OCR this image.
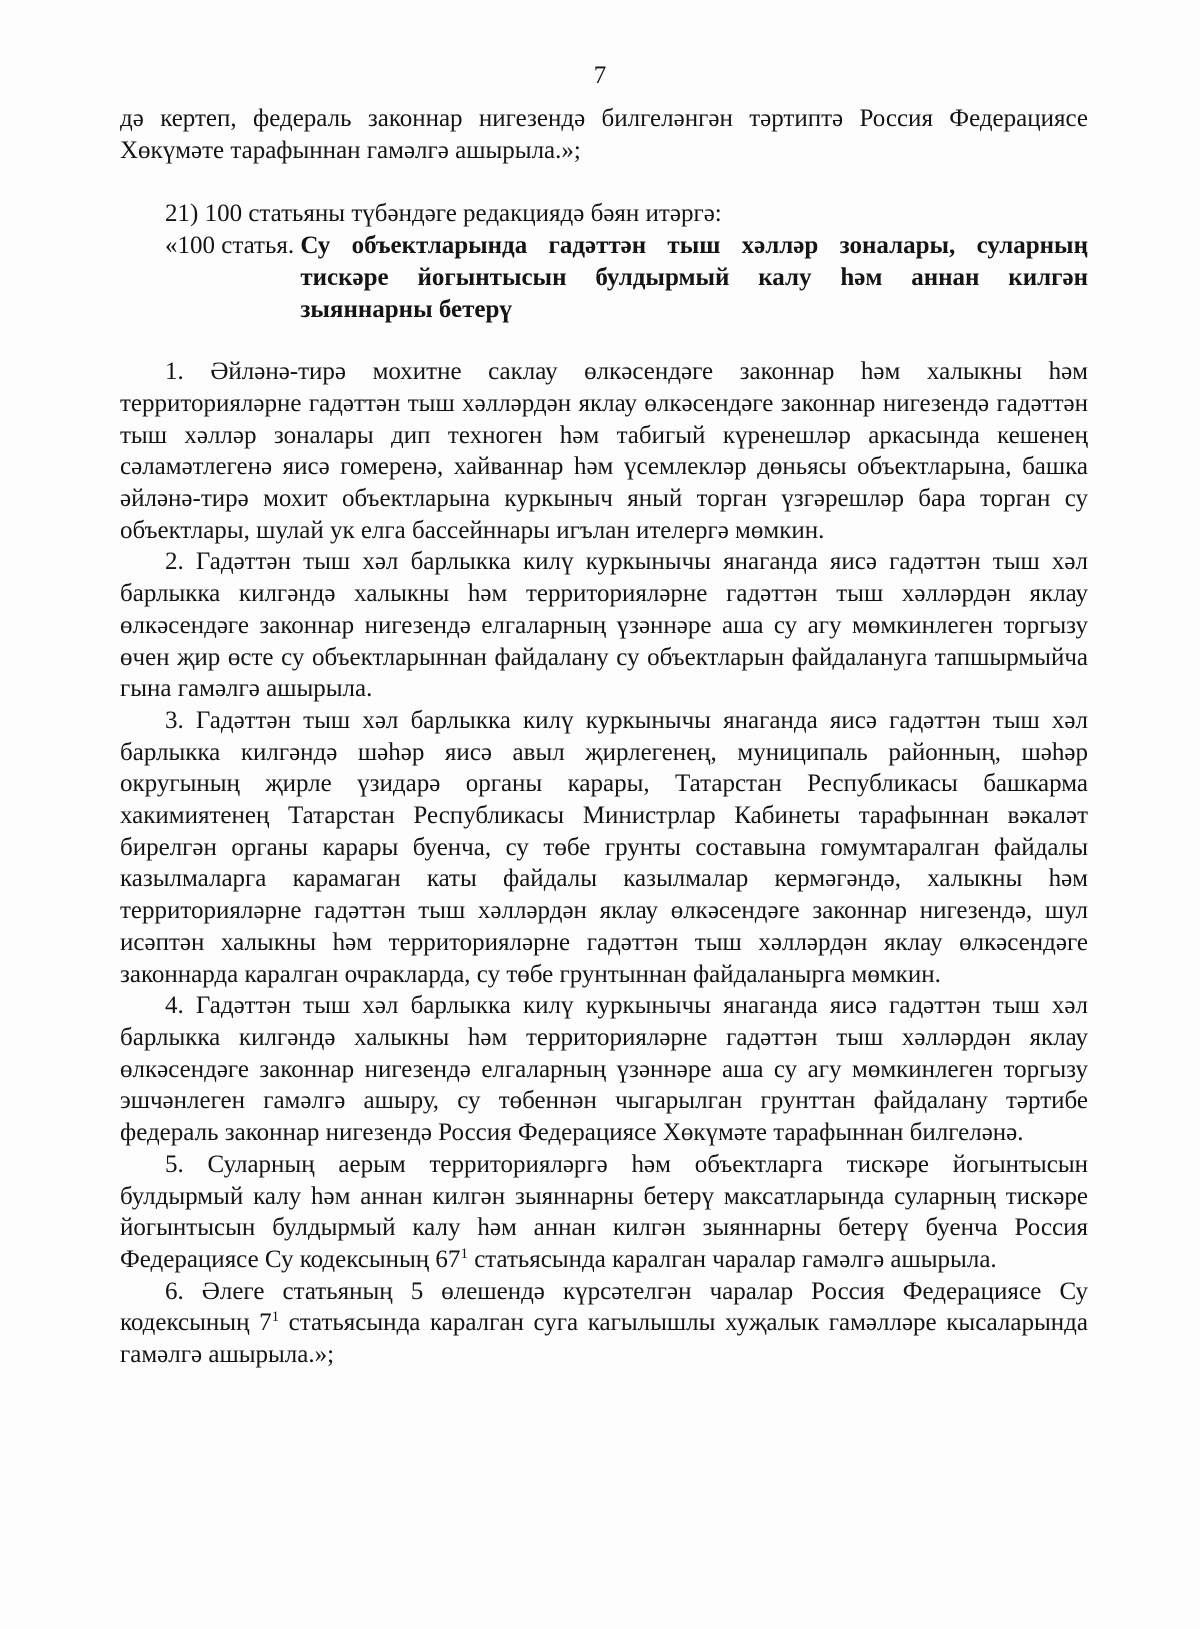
7

дә кертеп, федераль законнар нигезендә билгеләнгән тәртиптә Россия Федерациясе Хөкүмәте тарафыннан гамәлгә ашырыла.»;

21) 100 статьяны түбәндәге редакциядә бәян итәргә:

«100 статья. Су объектларында гадәттән тыш хәлләр зоналары, суларның тискәре йогынтысын булдырмый калу һәм аннан килгән зыяннарны бетерү

1. Әйләнә-тирә мохитне саклау өлкәсендәге законнар һәм халыкны һәм территорияләрне гадәттән тыш хәлләрдән яклау өлкәсендәге законнар нигезендә гадәттән тыш хәлләр зоналары дип техноген һәм табигый күренешләр аркасында кешенең сәламәтлегенә яисә гомеренә, хайваннар һәм үсемлекләр дөньясы объектларына, башка әйләнә-тирә мохит объектларына куркыныч яный торган үзгәрешләр бара торган су объектлары, шулай ук елга бассейннары игълан ителергә мөмкин.

2. Гадәттән тыш хәл барлыкка килү куркынычы янаганда яисә гадәттән тыш хәл барлыкка килгәндә халыкны һәм территорияләрне гадәттән тыш хәлләрдән яклау өлкәсендәге законнар нигезендә елгаларның үзәннәре аша су агу мөмкинлеген торгызу өчен җир өсте су объектларыннан файдалану су объектларын файдалануга тапшырмыйча гына гамәлгә ашырыла.

3. Гадәттән тыш хәл барлыкка килү куркынычы янаганда яисә гадәттән тыш хәл барлыкка килгәндә шәһәр яисә авыл җирлегенең, муниципаль районның, шәһәр округының җирле үзидарә органы карары, Татарстан Республикасы башкарма хакимиятенең Татарстан Республикасы Министрлар Кабинеты тарафыннан вәкаләт бирелгән органы карары буенча, су төбе грунты составына гомумтаралган файдалы казылмаларга карамаган каты файдалы казылмалар кермәгәндә, халыкны һәм территорияләрне гадәттән тыш хәлләрдән яклау өлкәсендәге законнар нигезендә, шул исәптән халыкны һәм территорияләрне гадәттән тыш хәлләрдән яклау өлкәсендәге законнарда каралган очракларда, су төбе грунтыннан файдаланырга мөмкин.

4. Гадәттән тыш хәл барлыкка килү куркынычы янаганда яисә гадәттән тыш хәл барлыкка килгәндә халыкны һәм территорияләрне гадәттән тыш хәлләрдән яклау өлкәсендәге законнар нигезендә елгаларның үзәннәре аша су агу мөмкинлеген торгызу эшчәнлеген гамәлгә ашыру, су төбеннән чыгарылган грунттан файдалану тәртибе федераль законнар нигезендә Россия Федерациясе Хөкүмәте тарафыннан билгеләнә.

5. Суларның аерым территорияләргә һәм объектларга тискәре йогынтысын булдырмый калу һәм аннан килгән зыяннарны бетерү максатларында суларның тискәре йогынтысын булдырмый калу һәм аннан килгән зыяннарны бетерү буенча Россия Федерациясе Су кодексының $67^1$ статьясында каралган чаралар гамәлгә ашырыла.

6. Әлеге статьяның 5 өлешендә күрсәтелгән чаралар Россия Федерациясе Су кодексының $7^1$ статьясында каралган суга кагылышлы хуҗалык гамәлләре кысаларында гамәлгә ашырыла.»;
